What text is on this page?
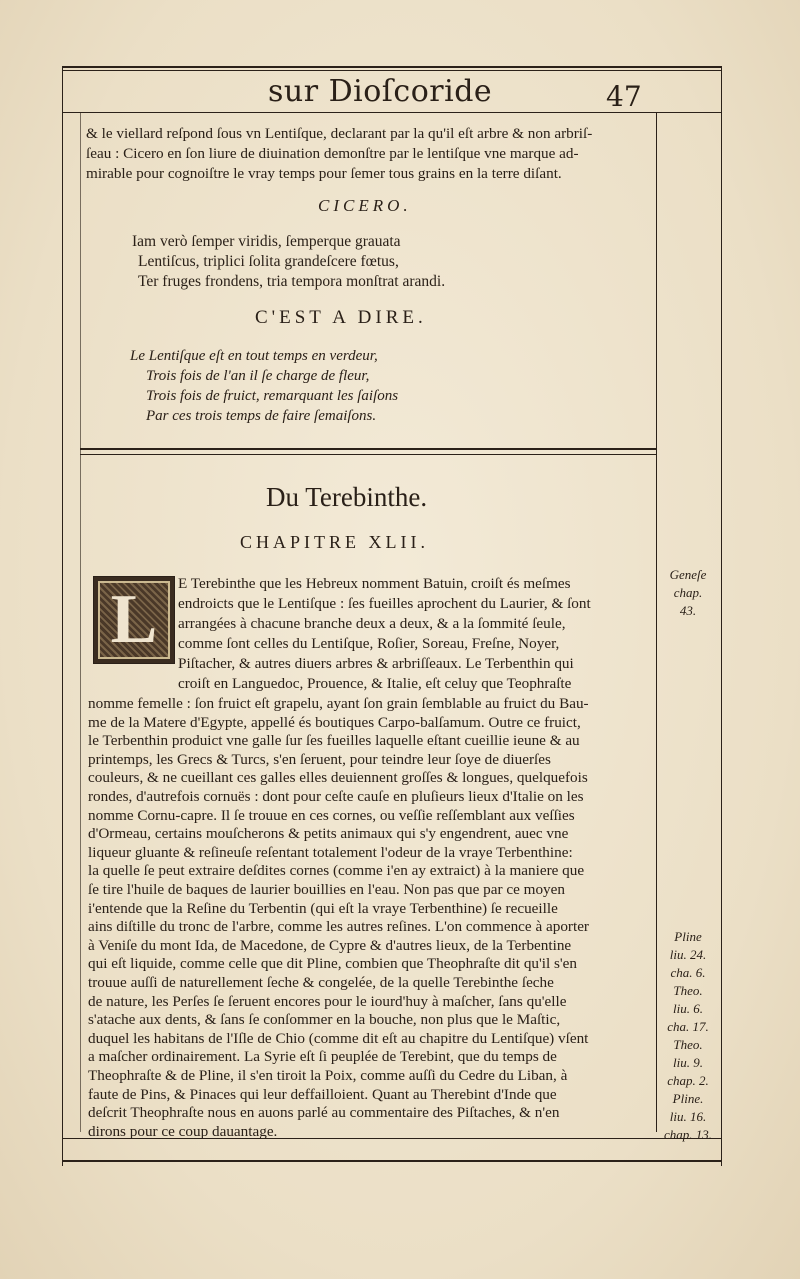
sur Dioſcoride	47
& le viellard reſpond ſous vn Lentiſque, declarant par la qu'il eſt arbre & non arbriſ-
ſeau : Cicero en ſon liure de diuination demonſtre par le lentiſque vne marque ad-
mirable pour cognoiſtre le vray temps pour ſemer tous grains en la terre diſant.
CICERO.
Iam verò ſemper viridis, ſemperque grauata
Lentiſcus, triplici ſolita grandeſcere fœtus,
Ter fruges frondens, tria tempora monſtrat arandi.
C'EST A DIRE.
Le Lentiſque eſt en tout temps en verdeur,
Trois fois de l'an il ſe charge de fleur,
Trois fois de fruict, remarquant les ſaiſons
Par ces trois temps de faire ſemaiſons.
Du Terebinthe.
CHAPITRE XLII.
L	E Terebinthe que les Hebreux nomment Batuin, croiſt és meſmes
endroicts que le Lentiſque : ſes fueilles aprochent du Laurier, & ſont
arrangées à chacune branche deux a deux, & a la ſommité ſeule,
comme ſont celles du Lentiſque, Roſier, Soreau, Freſne, Noyer,
Piſtacher, & autres diuers arbres & arbriſſeaux. Le Terbenthin qui
croiſt en Languedoc, Prouence, & Italie, eſt celuy que Teophraſte
nomme femelle : ſon fruict eſt grapelu, ayant ſon grain ſemblable au fruict du Bau-
me de la Matere d'Egypte, appellé és boutiques Carpo-balſamum. Outre ce fruict,
le Terbenthin produict vne galle ſur ſes fueilles laquelle eſtant cueillie ieune & au
printemps, les Grecs & Turcs, s'en ſeruent, pour teindre leur ſoye de diuerſes
couleurs, & ne cueillant ces galles elles deuiennent groſſes & longues, quelquefois
rondes, d'autrefois cornuës : dont pour ceſte cauſe en pluſieurs lieux d'Italie on les
nomme Cornu-capre. Il ſe trouue en ces cornes, ou veſſie reſſemblant aux veſſies
d'Ormeau, certains mouſcherons & petits animaux qui s'y engendrent, auec vne
liqueur gluante & reſineuſe reſentant totalement l'odeur de la vraye Terbenthine:
la quelle ſe peut extraire deſdites cornes (comme i'en ay extraict) à la maniere que
ſe tire l'huile de baques de laurier bouillies en l'eau. Non pas que par ce moyen
i'entende que la Reſine du Terbentin (qui eſt la vraye Terbenthine) ſe recueille
ains diſtille du tronc de l'arbre, comme les autres reſines. L'on commence à aporter
à Veniſe du mont Ida, de Macedone, de Cypre & d'autres lieux, de la Terbentine
qui eſt liquide, comme celle que dit Pline, combien que Theophraſte dit qu'il s'en
trouue auſſi de naturellement ſeche & congelée, de la quelle Terebinthe ſeche
de nature, les Perſes ſe ſeruent encores pour le iourd'huy à maſcher, ſans qu'elle
s'atache aux dents, & ſans ſe conſommer en la bouche, non plus que le Maſtic,
duquel les habitans de l'Iſle de Chio (comme dit eſt au chapitre du Lentiſque) vſent
a maſcher ordinairement. La Syrie eſt ſi peuplée de Terebint, que du temps de
Theophraſte & de Pline, il s'en tiroit la Poix, comme auſſi du Cedre du Liban, à
faute de Pins, & Pinaces qui leur deffailloient. Quant au Therebint d'Inde que
deſcrit Theophraſte nous en auons parlé au commentaire des Piſtaches, & n'en
dirons pour ce coup dauantage.
Geneſe
chap.
43.
Pline
liu. 24.
cha. 6.
Theo.
liu. 6.
cha. 17.
Theo.
liu. 9.
chap. 2.
Pline.
liu. 16.
chap. 13.
